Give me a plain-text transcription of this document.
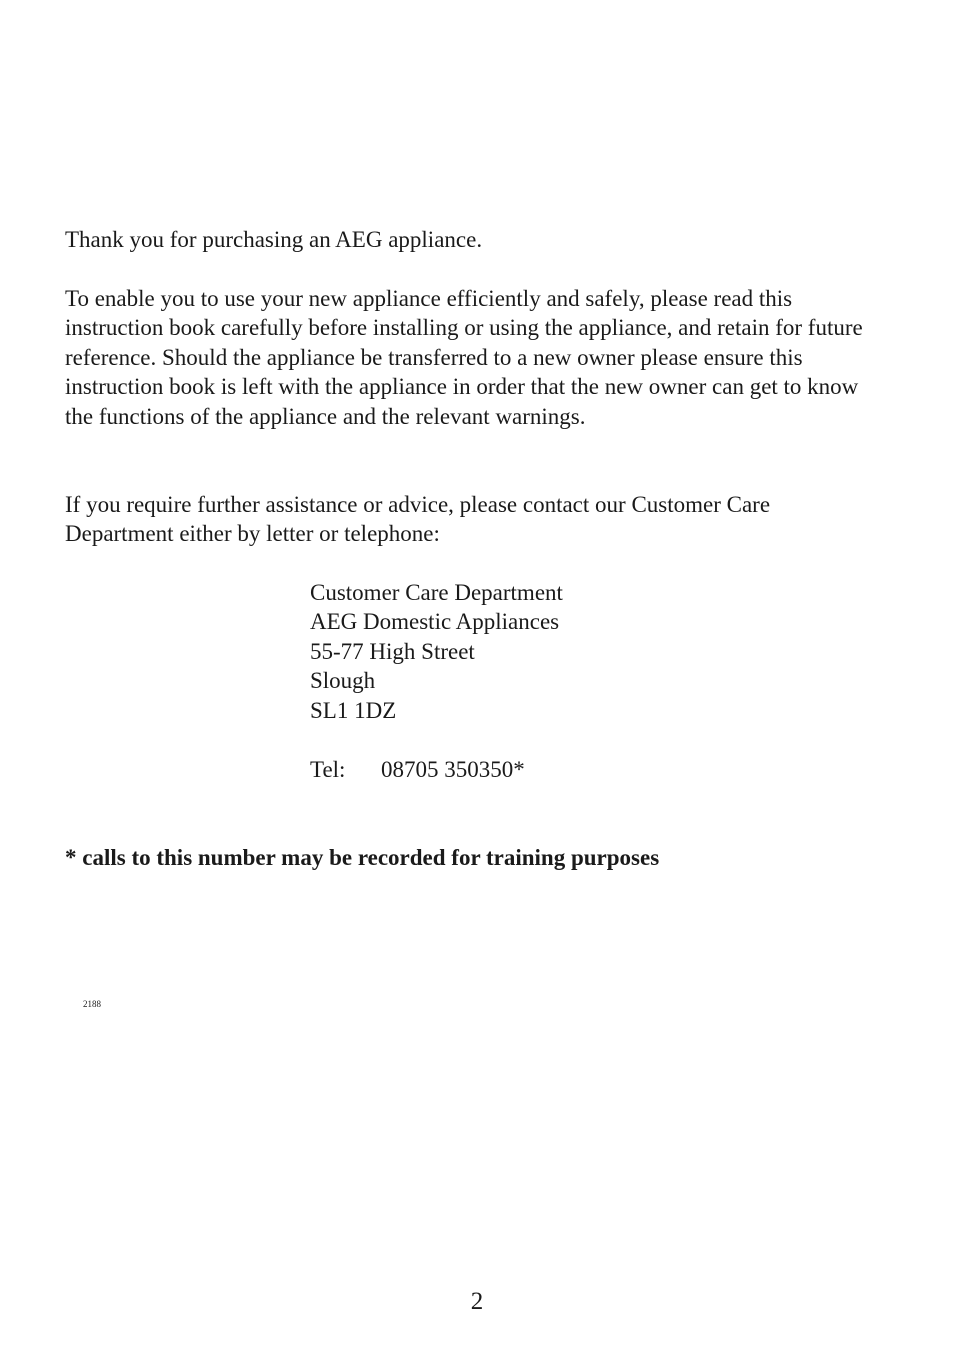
Thank you for purchasing an AEG appliance.

To enable you to use your new appliance efficiently and safely, please read this instruction book carefully before installing or using the appliance, and retain for future reference. Should the appliance be transferred to a new owner please ensure this instruction book is left with the appliance in order that the new owner can get to know the functions of the appliance and the relevant warnings.

If you require further assistance or advice, please contact our Customer Care Department either by letter or telephone:

Customer Care Department
AEG Domestic Appliances
55-77 High Street
Slough
SL1 1DZ
Tel: 08705 350350*
* calls to this number may be recorded for training purposes
2188
2
